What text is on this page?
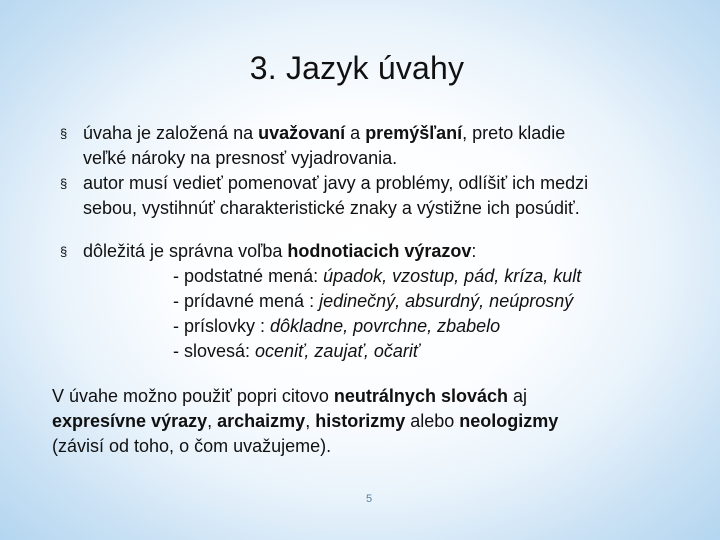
3. Jazyk úvahy
§ úvaha je založená na uvažovaní a premýšľaní, preto kladie
veľké nároky na presnosť vyjadrovania.
§ autor musí vedieť pomenovať javy a problémy, odlíšiť ich medzi
sebou, vystihnúť charakteristické znaky a výstižne ich posúdiť.
§ dôležitá je správna voľba hodnotiacich výrazov:
- podstatné mená: úpadok, vzostup, pád, kríza, kult
- prídavné mená : jedinečný, absurdný, neúprosný
- príslovky : dôkladne, povrchne, zbabelo
- slovesá: oceniť, zaujať, očariť
V úvahe možno použiť popri citovo neutrálnych slovách aj
expresívne výrazy, archaizmy, historizmy alebo neologizmy
(závisí od toho, o čom uvažujeme).
5
